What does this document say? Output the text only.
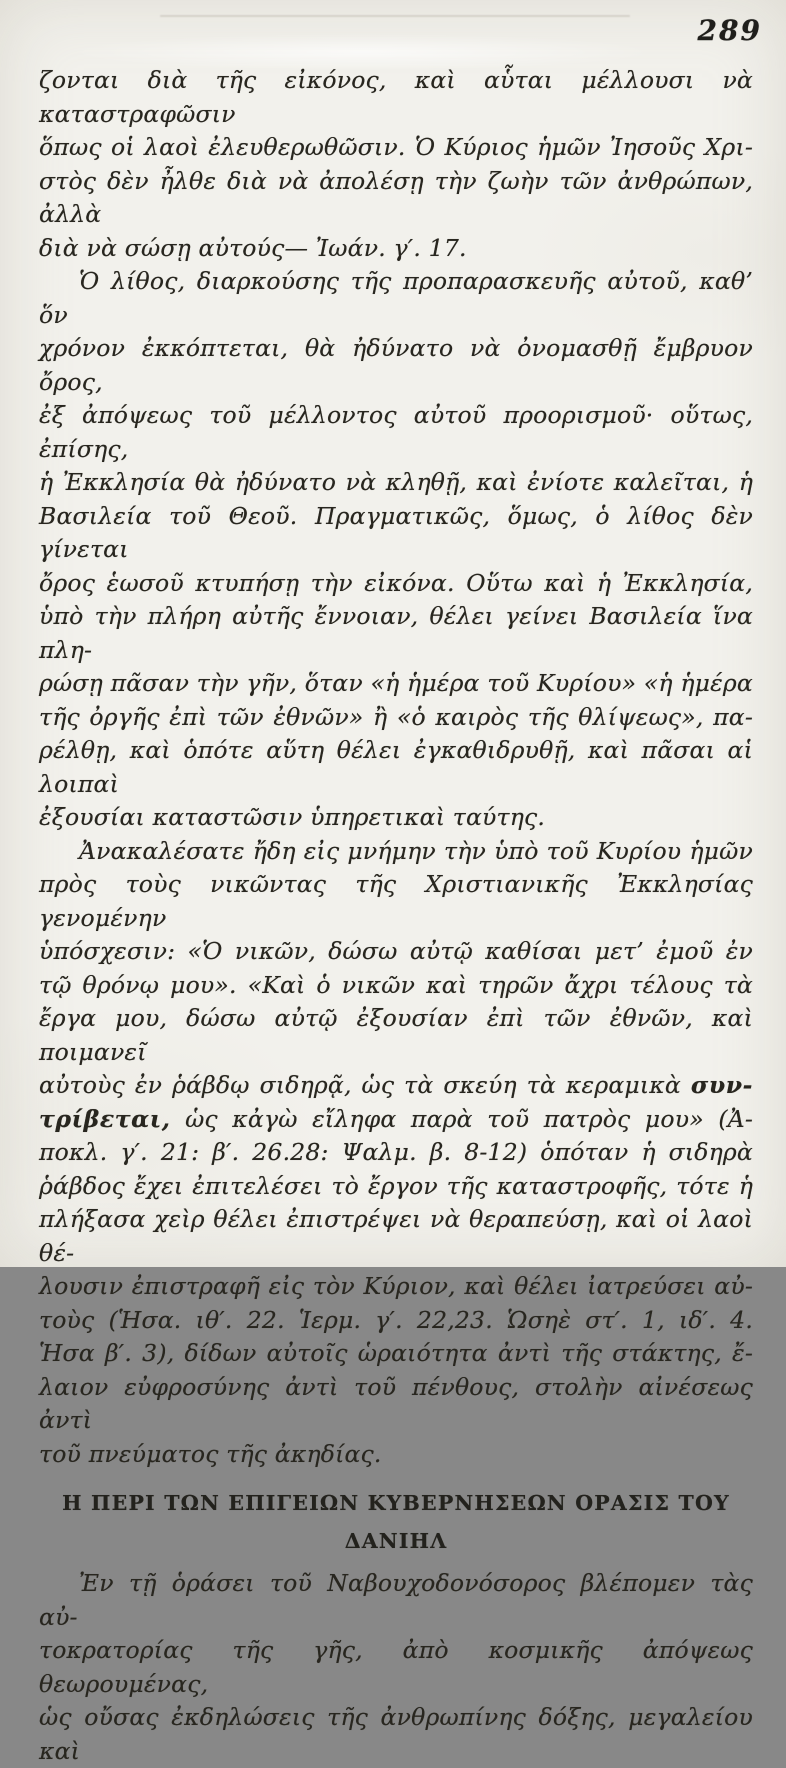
289
ζονται διὰ τῆς εἰκόνος, καὶ αὗται μέλλουσι νὰ καταστραφῶσιν
ὅπως οἱ λαοὶ ἐλευθερωθῶσιν. Ὁ Κύριος ἡμῶν Ἰησοῦς Χρι-
στὸς δὲν ἦλθε διὰ νὰ ἀπολέσῃ τὴν ζωὴν τῶν ἀνθρώπων, ἀλλὰ
διὰ νὰ σώσῃ αὐτούς— Ἰωάν. γ′. 17.
Ὁ λίθος, διαρκούσης τῆς προπαρασκευῆς αὐτοῦ, καθ’ ὅν
χρόνον ἐκκόπτεται, θὰ ἠδύνατο νὰ ὀνομασθῇ ἔμβρυον ὄρος,
ἐξ ἀπόψεως τοῦ μέλλοντος αὐτοῦ προορισμοῦ· οὕτως, ἐπίσης,
ἡ Ἐκκλησία θὰ ἠδύνατο νὰ κληθῇ, καὶ ἐνίοτε καλεῖται, ἡ
Βασιλεία τοῦ Θεοῦ. Πραγματικῶς, ὅμως, ὁ λίθος δὲν γίνεται
ὄρος ἑωσοῦ κτυπήσῃ τὴν εἰκόνα. Οὕτω καὶ ἡ Ἐκκλησία,
ὑπὸ τὴν πλήρη αὐτῆς ἔννοιαν, θέλει γείνει Βασιλεία ἵνα πλη-
ρώσῃ πᾶσαν τὴν γῆν, ὅταν «ἡ ἡμέρα τοῦ Κυρίου» «ἡ ἡμέρα
τῆς ὀργῆς ἐπὶ τῶν ἐθνῶν» ἢ «ὁ καιρὸς τῆς θλίψεως», πα-
ρέλθῃ, καὶ ὁπότε αὕτη θέλει ἐγκαθιδρυθῇ, καὶ πᾶσαι αἱ λοιπαὶ
ἐξουσίαι καταστῶσιν ὑπηρετικαὶ ταύτης.
Ἀνακαλέσατε ἤδη εἰς μνήμην τὴν ὑπὸ τοῦ Κυρίου ἡμῶν
πρὸς τοὺς νικῶντας τῆς Χριστιανικῆς Ἐκκλησίας γενομένην
ὑπόσχεσιν: «Ὁ νικῶν, δώσω αὐτῷ καθίσαι μετ’ ἐμοῦ ἐν
τῷ θρόνῳ μου». «Καὶ ὁ νικῶν καὶ τηρῶν ἄχρι τέλους τὰ
ἔργα μου, δώσω αὐτῷ ἐξουσίαν ἐπὶ τῶν ἐθνῶν, καὶ ποιμανεῖ
αὐτοὺς ἐν ῥάβδῳ σιδηρᾷ, ὡς τὰ σκεύη τὰ κεραμικὰ συν-
τρίβεται, ὡς κἀγὼ εἴληφα παρὰ τοῦ πατρὸς μου» (Ἀ-
ποκλ. γ′. 21: β′. 26.28: Ψαλμ. β. 8-12) ὁπόταν ἡ σιδηρὰ
ῥάβδος ἔχει ἐπιτελέσει τὸ ἔργον τῆς καταστροφῆς, τότε ἡ
πλήξασα χεὶρ θέλει ἐπιστρέψει νὰ θεραπεύσῃ, καὶ οἱ λαοὶ θέ-
λουσιν ἐπιστραφῆ εἰς τὸν Κύριον, καὶ θέλει ἰατρεύσει αὐ-
τοὺς (Ἡσα. ιθ′. 22. Ἱερμ. γ′. 22,23. Ὡσηὲ στ′. 1, ιδ′. 4.
Ἡσα β′. 3), δίδων αὐτοῖς ὡραιότητα ἀντὶ τῆς στάκτης, ἔ-
λαιον εὐφροσύνης ἀντὶ τοῦ πένθους, στολὴν αἰνέσεως ἀντὶ
τοῦ πνεύματος τῆς ἀκηδίας.
Η ΠΕΡΙ ΤΩΝ ΕΠΙΓΕΙΩΝ ΚΥΒΕΡΝΗΣΕΩΝ ΟΡΑΣΙΣ ΤΟΥ
ΔΑΝΙΗΛ
Ἐν τῇ ὁράσει τοῦ Ναβουχοδονόσορος βλέπομεν τὰς αὐ-
τοκρατορίας τῆς γῆς, ἀπὸ κοσμικῆς ἀπόψεως θεωρουμένας,
ὡς οὔσας ἐκδηλώσεις τῆς ἀνθρωπίνης δόξης, μεγαλείου καὶ
